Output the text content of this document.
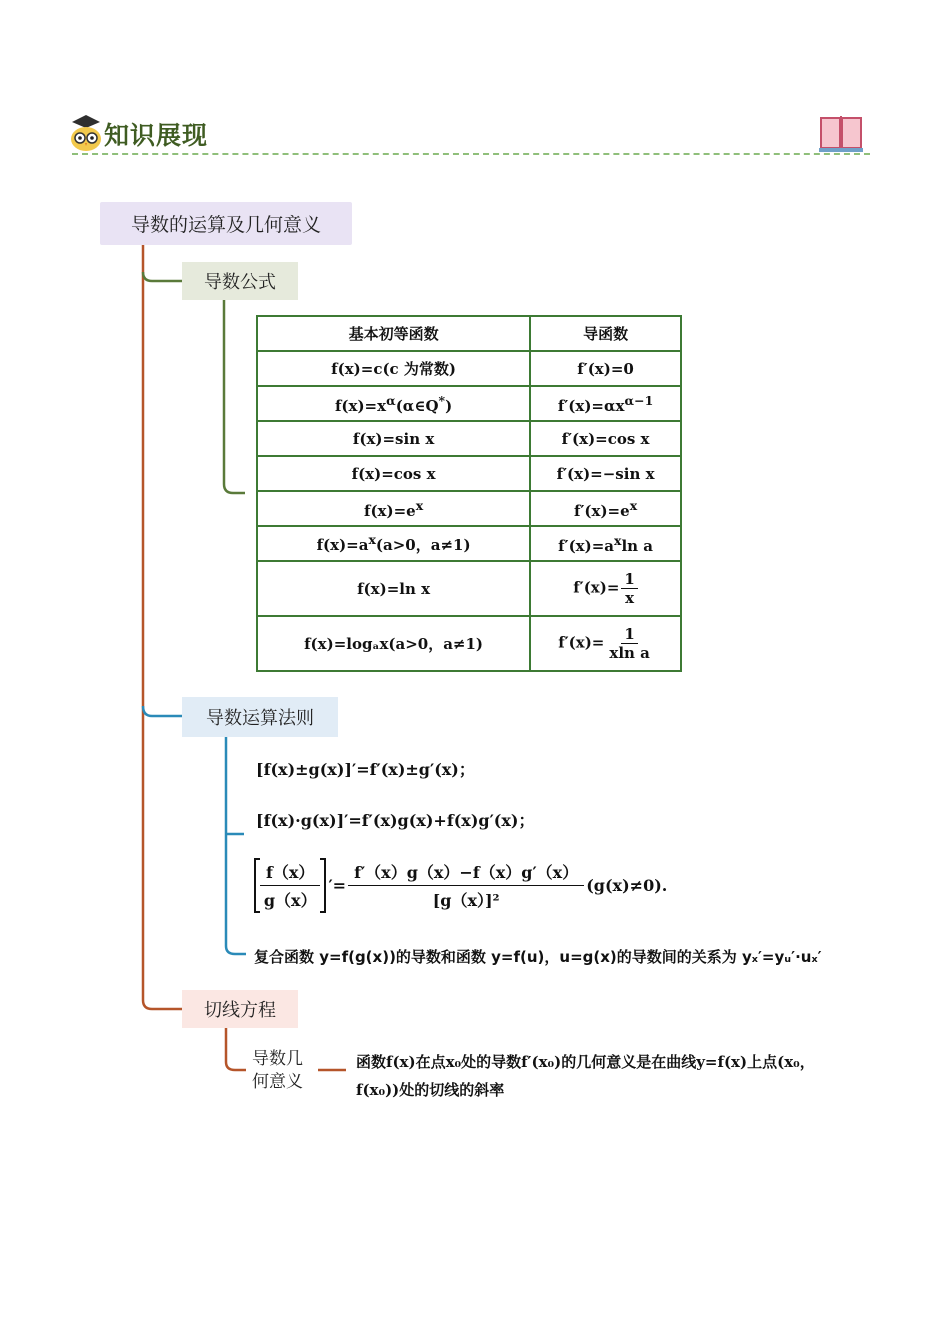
知识展现
导数的运算及几何意义
导数公式
导数运算法则
切线方程
基本初等函数	导函数
f(x)=c(c 为常数)	f′(x)=0
$f(x)=x^\alpha(\alpha\in Q^*)$	$f'(x)=\alpha x^{\alpha-1}$
f(x)=sin x	f′(x)=cos x
f(x)=cos x	f′(x)=−sin x
$f(x)=e^x$	$f'(x)=e^x$
$f(x)=a^x(a>0$，a≠1)	$f'(x)=a^x\ln$ a
f(x)=ln x	$f'(x)= \frac{1}{x}$

f(x)=logₐx(a>0，a≠1)	$f'(x)= \frac{1}{\text{xln a}}$
[f(x)±g(x)]′=f′(x)±g′(x)；
[f(x)·g(x)]′=f′(x)g(x)+f(x)g′(x)；
$\frac{f(x)}{g(x)}$ ′= $\frac{f'(x)g(x)-f(x)g'(x)}{\text{[g（x）]²}} (g(x)\ne 0)$.
复合函数 y=f(g(x))的导数和函数 y=f(u)，u=g(x)的导数间的关系为 yₓ′=yᵤ′·uₓ′
导数几何意义
函数f(x)在点x₀处的导数f′(x₀)的几何意义是在曲线y=f(x)上点(x₀，f(x₀))处的切线的斜率
